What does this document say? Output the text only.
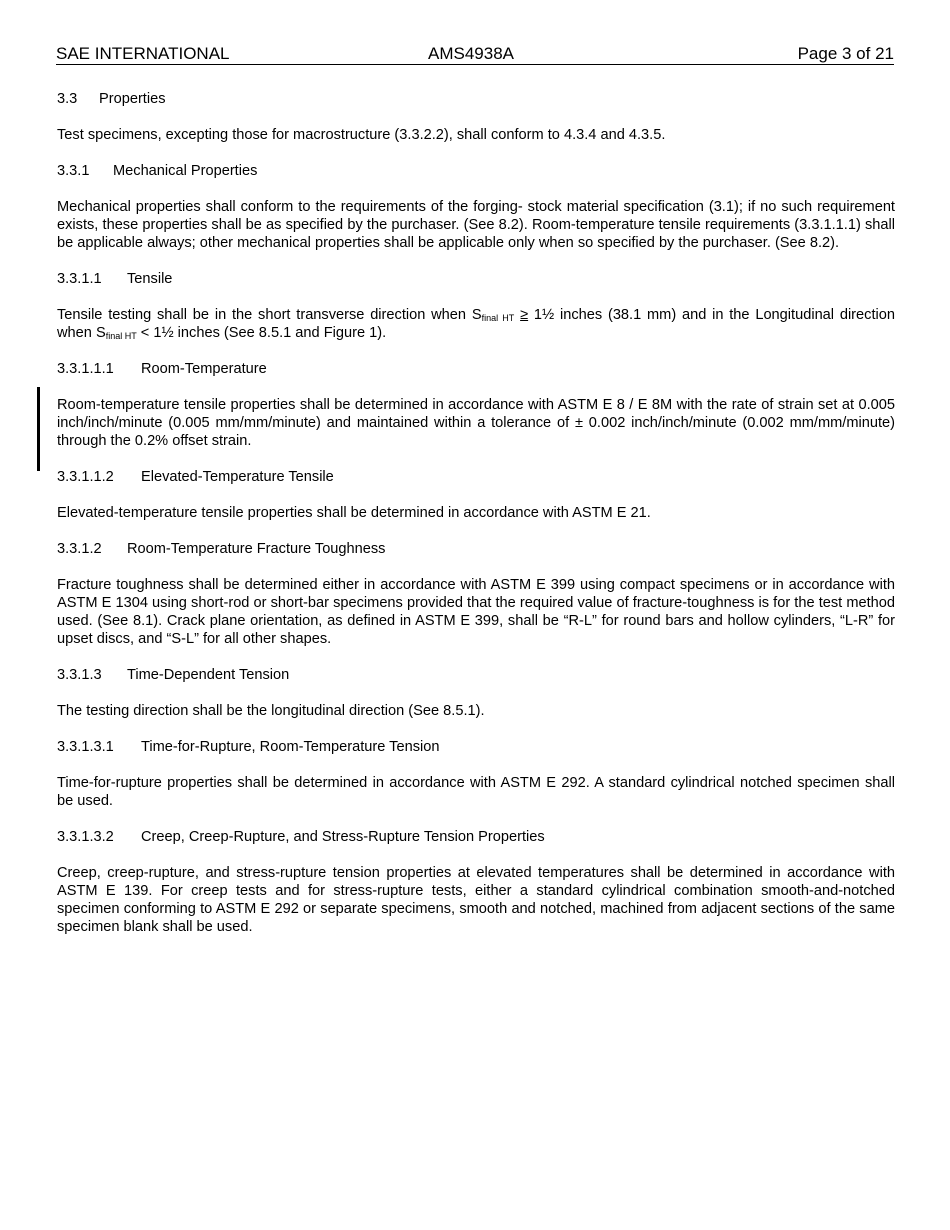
SAE INTERNATIONAL	AMS4938A	Page 3 of 21
3.3 Properties

Test specimens, excepting those for macrostructure (3.3.2.2), shall conform to 4.3.4 and 4.3.5.

3.3.1 Mechanical Properties

Mechanical properties shall conform to the requirements of the forging- stock material specification (3.1); if no such requirement exists, these properties shall be as specified by the purchaser. (See 8.2). Room-temperature tensile requirements (3.3.1.1.1) shall be applicable always; other mechanical properties shall be applicable only when so specified by the purchaser. (See 8.2).

3.3.1.1 Tensile

Tensile testing shall be in the short transverse direction when $S_{final HT}$ ≥ 1½ inches (38.1 mm) and in the Longitudinal direction when $S_{final HT}$ < 1½ inches (See 8.5.1 and Figure 1).

3.3.1.1.1 Room-Temperature

Room-temperature tensile properties shall be determined in accordance with ASTM E 8 / E 8M with the rate of strain set at 0.005 inch/inch/minute (0.005 mm/mm/minute) and maintained within a tolerance of ± 0.002 inch/inch/minute (0.002 mm/mm/minute) through the 0.2% offset strain.

3.3.1.1.2 Elevated-Temperature Tensile

Elevated-temperature tensile properties shall be determined in accordance with ASTM E 21.

3.3.1.2 Room-Temperature Fracture Toughness

Fracture toughness shall be determined either in accordance with ASTM E 399 using compact specimens or in accordance with ASTM E 1304 using short-rod or short-bar specimens provided that the required value of fracture-toughness is for the test method used. (See 8.1). Crack plane orientation, as defined in ASTM E 399, shall be “R-L” for round bars and hollow cylinders, “L-R” for upset discs, and “S-L” for all other shapes.

3.3.1.3 Time-Dependent Tension

The testing direction shall be the longitudinal direction (See 8.5.1).

3.3.1.3.1 Time-for-Rupture, Room-Temperature Tension

Time-for-rupture properties shall be determined in accordance with ASTM E 292. A standard cylindrical notched specimen shall be used.

3.3.1.3.2 Creep, Creep-Rupture, and Stress-Rupture Tension Properties

Creep, creep-rupture, and stress-rupture tension properties at elevated temperatures shall be determined in accordance with ASTM E 139. For creep tests and for stress-rupture tests, either a standard cylindrical combination smooth-and-notched specimen conforming to ASTM E 292 or separate specimens, smooth and notched, machined from adjacent sections of the same specimen blank shall be used.
